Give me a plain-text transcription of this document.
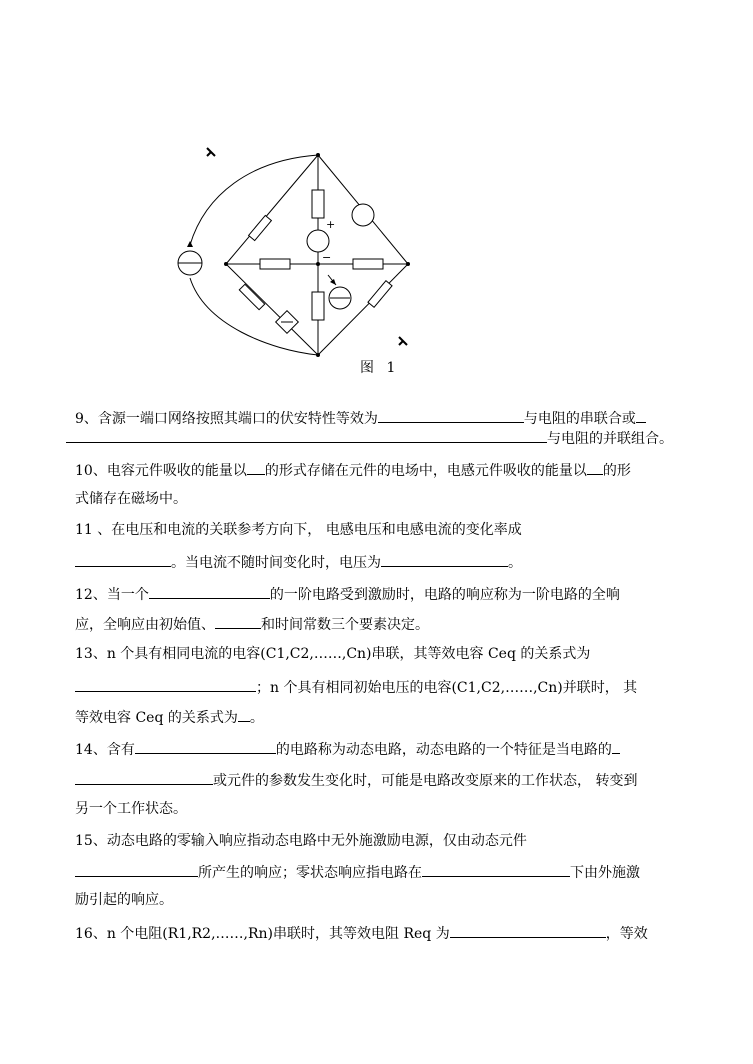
+
−
图 1
9、含源一端口网络按照其端口的伏安特性等效为	与电阻的串联合或
与电阻的并联组合。
10、电容元件吸收的能量以 的形式存储在元件的电场中，电感元件吸收的能量以 的形
式储存在磁场中。
11 、在电压和电流的关联参考方向下， 电感电压和电感电流的变化率成
。当电流不随时间变化时，电压为	。
12、当一个	的一阶电路受到激励时，电路的响应称为一阶电路的全响
应，全响应由初始值、	和时间常数三个要素决定。
13、n 个具有相同电流的电容(C1,C2,……,Cn)串联，其等效电容 Ceq 的关系式为
；n 个具有相同初始电压的电容(C1,C2,……,Cn)并联时， 其
等效电容 Ceq 的关系式为 。
14、含有	的电路称为动态电路，动态电路的一个特征是当电路的
或元件的参数发生变化时，可能是电路改变原来的工作状态， 转变到
另一个工作状态。
15、动态电路的零输入响应指动态电路中无外施激励电源，仅由动态元件
所产生的响应；零状态响应指电路在	下由外施激
励引起的响应。
16、n 个电阻(R1,R2,……,Rn)串联时，其等效电阻 Req 为	，等效
